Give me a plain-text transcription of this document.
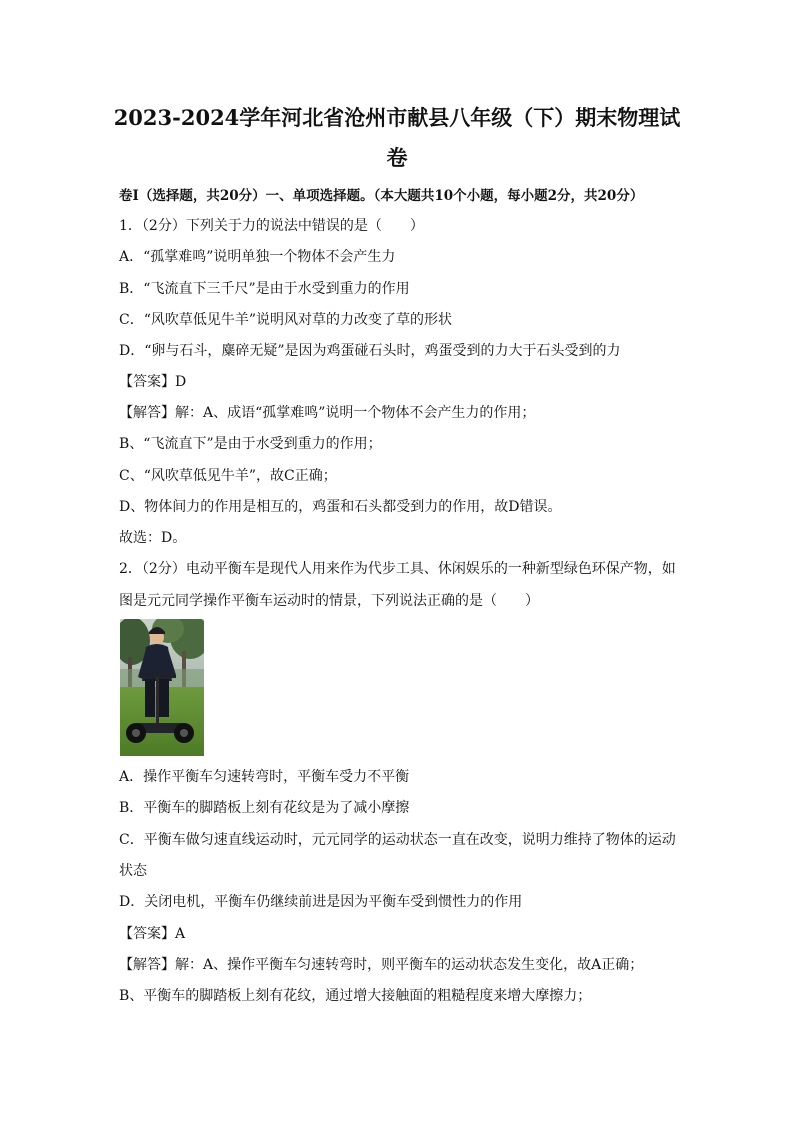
2023-2024学年河北省沧州市献县八年级（下）期末物理试
卷
卷Ⅰ（选择题，共20分）一、单项选择题。（本大题共10个小题，每小题2分，共20分）
1．（2分）下列关于力的说法中错误的是（　　）
A．“孤掌难鸣”说明单独一个物体不会产生力
B．“飞流直下三千尺”是由于水受到重力的作用
C．“风吹草低见牛羊”说明风对草的力改变了草的形状
D．“卵与石斗，麋碎无疑”是因为鸡蛋碰石头时，鸡蛋受到的力大于石头受到的力
【答案】D
【解答】解：A、成语“孤掌难鸣”说明一个物体不会产生力的作用；
B、“飞流直下”是由于水受到重力的作用；
C、“风吹草低见牛羊”，故C正确；
D、物体间力的作用是相互的，鸡蛋和石头都受到力的作用，故D错误。
故选：D。
2．（2分）电动平衡车是现代人用来作为代步工具、休闲娱乐的一种新型绿色环保产物，如
图是元元同学操作平衡车运动时的情景，下列说法正确的是（　　）
A．操作平衡车匀速转弯时，平衡车受力不平衡
B．平衡车的脚踏板上刻有花纹是为了减小摩擦
C．平衡车做匀速直线运动时，元元同学的运动状态一直在改变，说明力维持了物体的运动
状态
D．关闭电机，平衡车仍继续前进是因为平衡车受到惯性力的作用
【答案】A
【解答】解：A、操作平衡车匀速转弯时，则平衡车的运动状态发生变化，故A正确；
B、平衡车的脚踏板上刻有花纹，通过增大接触面的粗糙程度来增大摩擦力；
